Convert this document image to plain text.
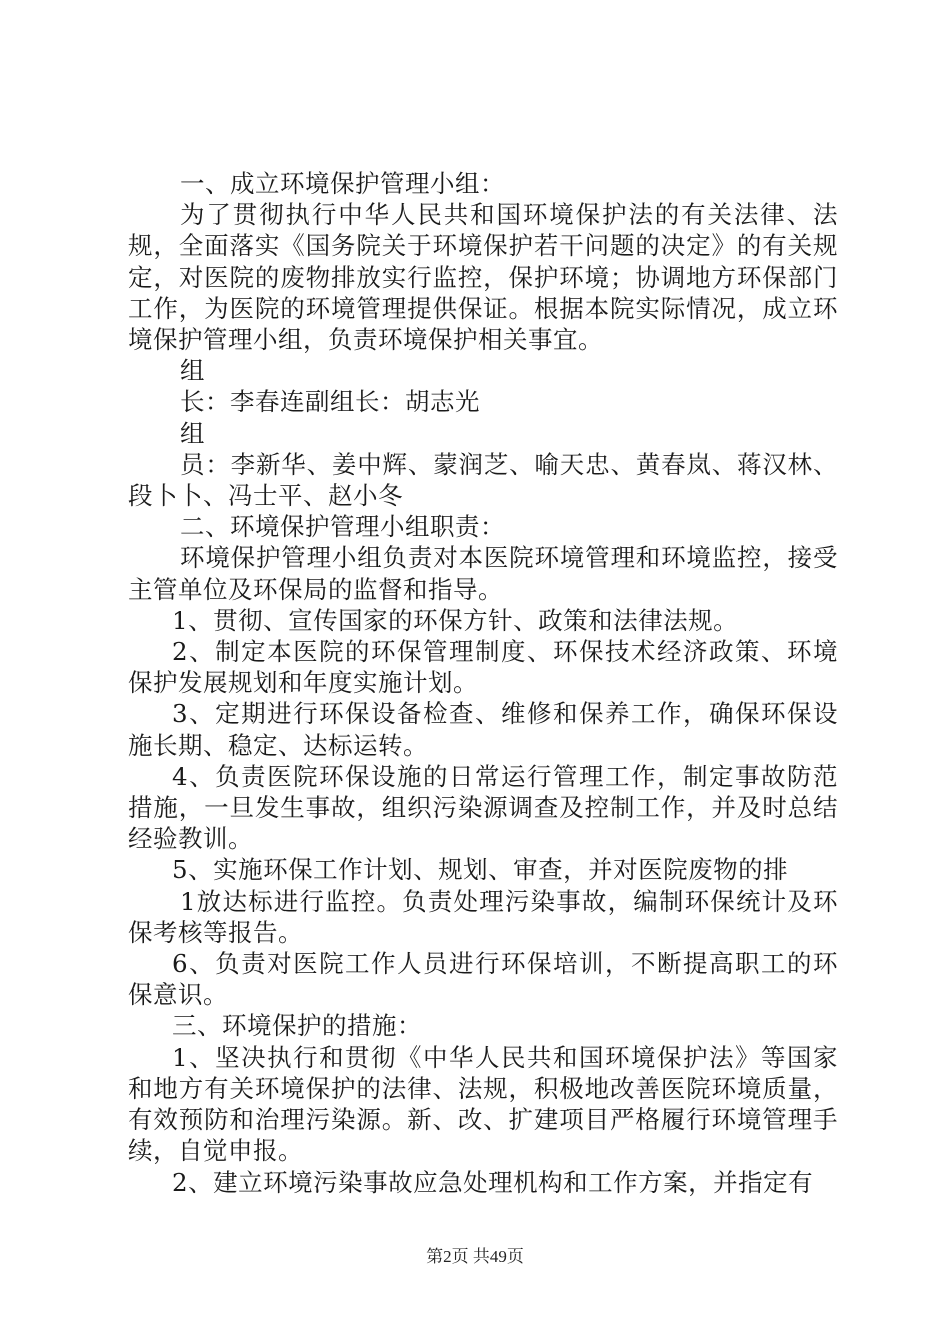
一、成立环境保护管理小组：

为了贯彻执行中华人民共和国环境保护法的有关法律、法规，全面落实《国务院关于环境保护若干问题的决定》的有关规定，对医院的废物排放实行监控，保护环境；协调地方环保部门工作，为医院的环境管理提供保证。根据本院实际情况，成立环境保护管理小组，负责环境保护相关事宜。

组

长：李春连副组长：胡志光

组

员：李新华、姜中辉、蒙润芝、喻天忠、黄春岚、蒋汉林、段卜卜、冯士平、赵小冬

二、环境保护管理小组职责：

环境保护管理小组负责对本医院环境管理和环境监控，接受主管单位及环保局的监督和指导。

1、贯彻、宣传国家的环保方针、政策和法律法规。

2、制定本医院的环保管理制度、环保技术经济政策、环境保护发展规划和年度实施计划。

3、定期进行环保设备检查、维修和保养工作，确保环保设施长期、稳定、达标运转。

4、负责医院环保设施的日常运行管理工作，制定事故防范措施，一旦发生事故，组织污染源调查及控制工作，并及时总结经验教训。

5、实施环保工作计划、规划、审查，并对医院废物的排

1放达标进行监控。负责处理污染事故，编制环保统计及环保考核等报告。

6、负责对医院工作人员进行环保培训，不断提高职工的环保意识。

三、环境保护的措施：

1、坚决执行和贯彻《中华人民共和国环境保护法》等国家和地方有关环境保护的法律、法规，积极地改善医院环境质量，有效预防和治理污染源。新、改、扩建项目严格履行环境管理手续，自觉申报。

2、建立环境污染事故应急处理机构和工作方案，并指定有

第2页 共49页
